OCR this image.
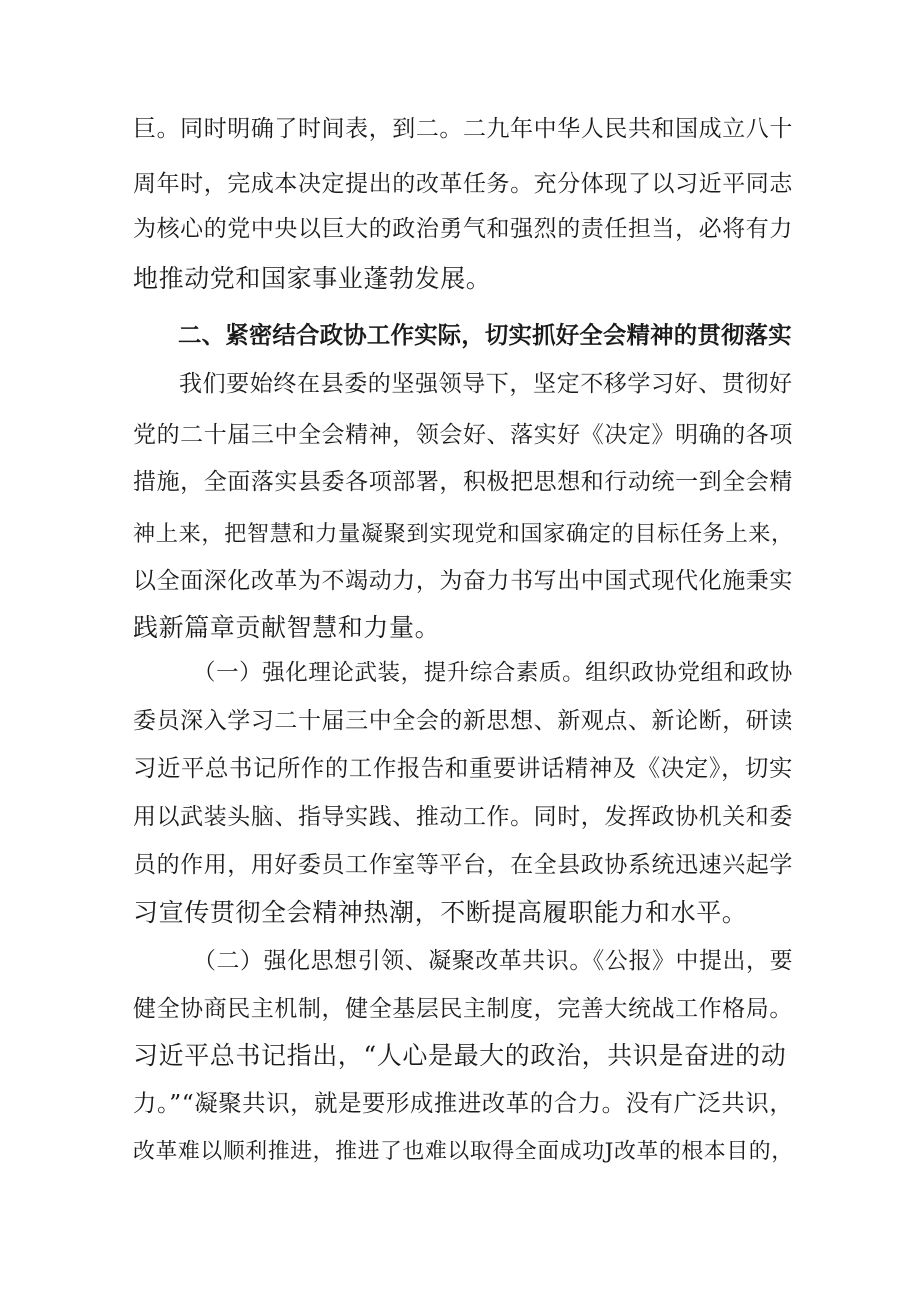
巨。同时明确了时间表，到二。二九年中华人民共和国成立八十
周年时，完成本决定提出的改革任务。充分体现了以习近平同志
为核心的党中央以巨大的政治勇气和强烈的责任担当，必将有力
地推动党和国家事业蓬勃发展。
二、紧密结合政协工作实际，切实抓好全会精神的贯彻落实
我们要始终在县委的坚强领导下，坚定不移学习好、贯彻好
党的二十届三中全会精神，领会好、落实好《决定》明确的各项
措施，全面落实县委各项部署，积极把思想和行动统一到全会精
神上来，把智慧和力量凝聚到实现党和国家确定的目标任务上来，
以全面深化改革为不竭动力，为奋力书写出中国式现代化施秉实
践新篇章贡献智慧和力量。
（一）强化理论武装，提升综合素质。组织政协党组和政协
委员深入学习二十届三中全会的新思想、新观点、新论断，研读
习近平总书记所作的工作报告和重要讲话精神及《决定》，切实
用以武装头脑、指导实践、推动工作。同时，发挥政协机关和委
员的作用，用好委员工作室等平台，在全县政协系统迅速兴起学
习宣传贯彻全会精神热潮，不断提高履职能力和水平。
（二）强化思想引领、凝聚改革共识。《公报》中提出，要
健全协商民主机制，健全基层民主制度，完善大统战工作格局。
习近平总书记指出，“人心是最大的政治，共识是奋进的动
力。”“凝聚共识，就是要形成推进改革的合力。没有广泛共识，
改革难以顺利推进，推进了也难以取得全面成功J改革的根本目的，
